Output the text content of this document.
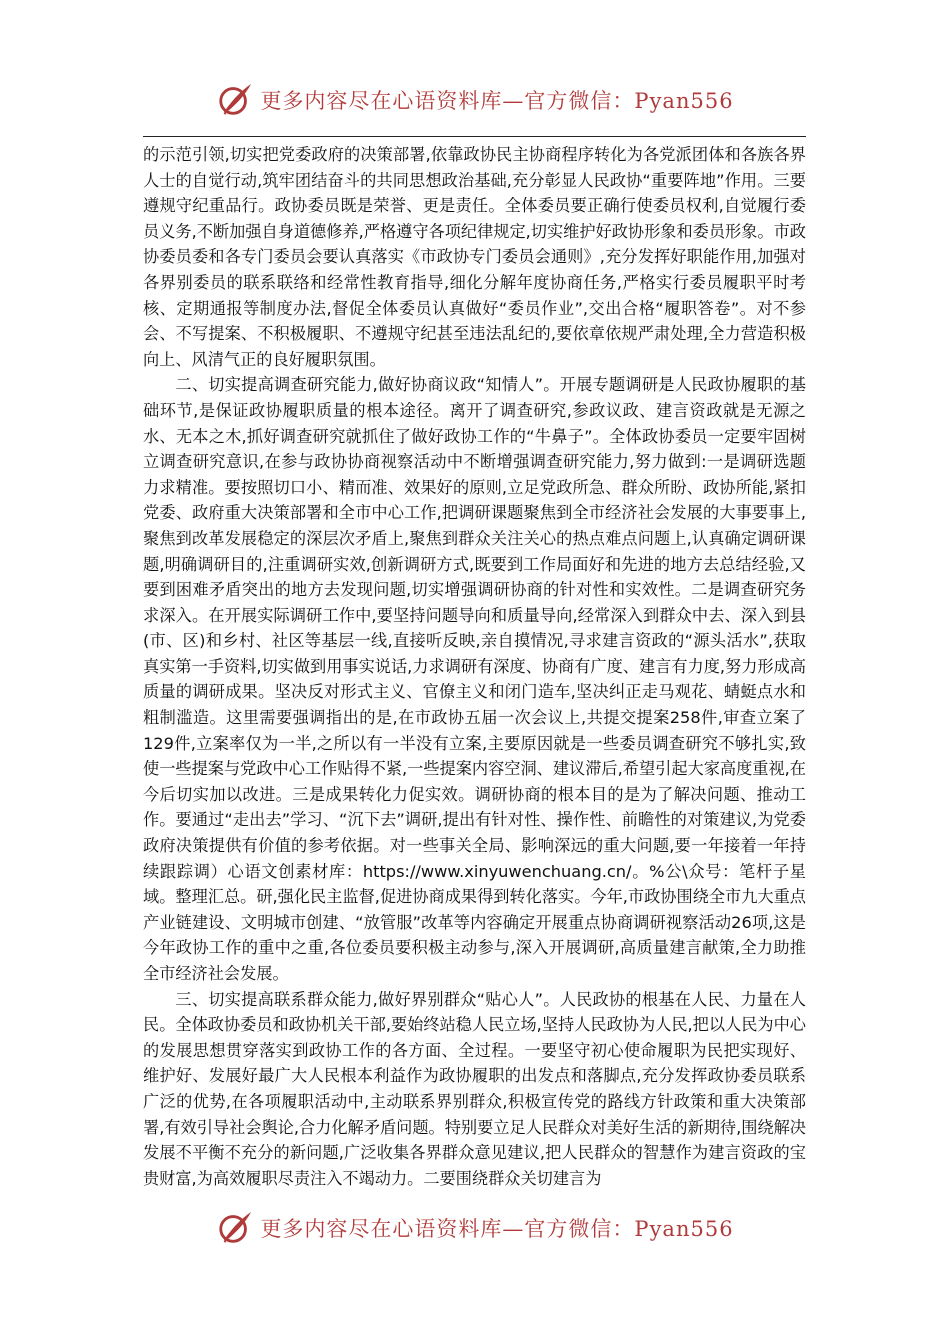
更多内容尽在心语资料库—官方微信：Pyan556

的示范引领,切实把党委政府的决策部署,依靠政协民主协商程序转化为各党派团体和各族各界人士的自觉行动,筑牢团结奋斗的共同思想政治基础,充分彰显人民政协“重要阵地”作用。三要遵规守纪重品行。政协委员既是荣誉、更是责任。全体委员要正确行使委员权利,自觉履行委员义务,不断加强自身道德修养,严格遵守各项纪律规定,切实维护好政协形象和委员形象。市政协委员委和各专门委员会要认真落实《市政协专门委员会通则》,充分发挥好职能作用,加强对各界别委员的联系联络和经常性教育指导,细化分解年度协商任务,严格实行委员履职平时考核、定期通报等制度办法,督促全体委员认真做好“委员作业”,交出合格“履职答卷”。对不参会、不写提案、不积极履职、不遵规守纪甚至违法乱纪的,要依章依规严肃处理,全力营造积极向上、风清气正的良好履职氛围。

二、切实提高调查研究能力,做好协商议政“知情人”。开展专题调研是人民政协履职的基础环节,是保证政协履职质量的根本途径。离开了调查研究,参政议政、建言资政就是无源之水、无本之木,抓好调查研究就抓住了做好政协工作的“牛鼻子”。全体政协委员一定要牢固树立调查研究意识,在参与政协协商视察活动中不断增强调查研究能力,努力做到:一是调研选题力求精准。要按照切口小、精而准、效果好的原则,立足党政所急、群众所盼、政协所能,紧扣党委、政府重大决策部署和全市中心工作,把调研课题聚焦到全市经济社会发展的大事要事上,聚焦到改革发展稳定的深层次矛盾上,聚焦到群众关注关心的热点难点问题上,认真确定调研课题,明确调研目的,注重调研实效,创新调研方式,既要到工作局面好和先进的地方去总结经验,又要到困难矛盾突出的地方去发现问题,切实增强调研协商的针对性和实效性。二是调查研究务求深入。在开展实际调研工作中,要坚持问题导向和质量导向,经常深入到群众中去、深入到县(市、区)和乡村、社区等基层一线,直接听反映,亲自摸情况,寻求建言资政的“源头活水”,获取真实第一手资料,切实做到用事实说话,力求调研有深度、协商有广度、建言有力度,努力形成高质量的调研成果。坚决反对形式主义、官僚主义和闭门造车,坚决纠正走马观花、蜻蜓点水和粗制滥造。这里需要强调指出的是,在市政协五届一次会议上,共提交提案258件,审查立案了129件,立案率仅为一半,之所以有一半没有立案,主要原因就是一些委员调查研究不够扎实,致使一些提案与党政中心工作贴得不紧,一些提案内容空洞、建议滞后,希望引起大家高度重视,在今后切实加以改进。三是成果转化力促实效。调研协商的根本目的是为了解决问题、推动工作。要通过“走出去”学习、“沉下去”调研,提出有针对性、操作性、前瞻性的对策建议,为党委政府决策提供有价值的参考依据。对一些事关全局、影响深远的重大问题,要一年接着一年持续跟踪调）心语文创素材库：https://www.xinyuwenchuang.cn/。%公\众号：笔杆子星域。整理汇总。研,强化民主监督,促进协商成果得到转化落实。今年,市政协围绕全市九大重点产业链建设、文明城市创建、“放管服”改革等内容确定开展重点协商调研视察活动26项,这是今年政协工作的重中之重,各位委员要积极主动参与,深入开展调研,高质量建言献策,全力助推全市经济社会发展。

三、切实提高联系群众能力,做好界别群众“贴心人”。人民政协的根基在人民、力量在人民。全体政协委员和政协机关干部,要始终站稳人民立场,坚持人民政协为人民,把以人民为中心的发展思想贯穿落实到政协工作的各方面、全过程。一要坚守初心使命履职为民把实现好、维护好、发展好最广大人民根本利益作为政协履职的出发点和落脚点,充分发挥政协委员联系广泛的优势,在各项履职活动中,主动联系界别群众,积极宣传党的路线方针政策和重大决策部署,有效引导社会舆论,合力化解矛盾问题。特别要立足人民群众对美好生活的新期待,围绕解决发展不平衡不充分的新问题,广泛收集各界群众意见建议,把人民群众的智慧作为建言资政的宝贵财富,为高效履职尽责注入不竭动力。二要围绕群众关切建言为

更多内容尽在心语资料库—官方微信：Pyan556
